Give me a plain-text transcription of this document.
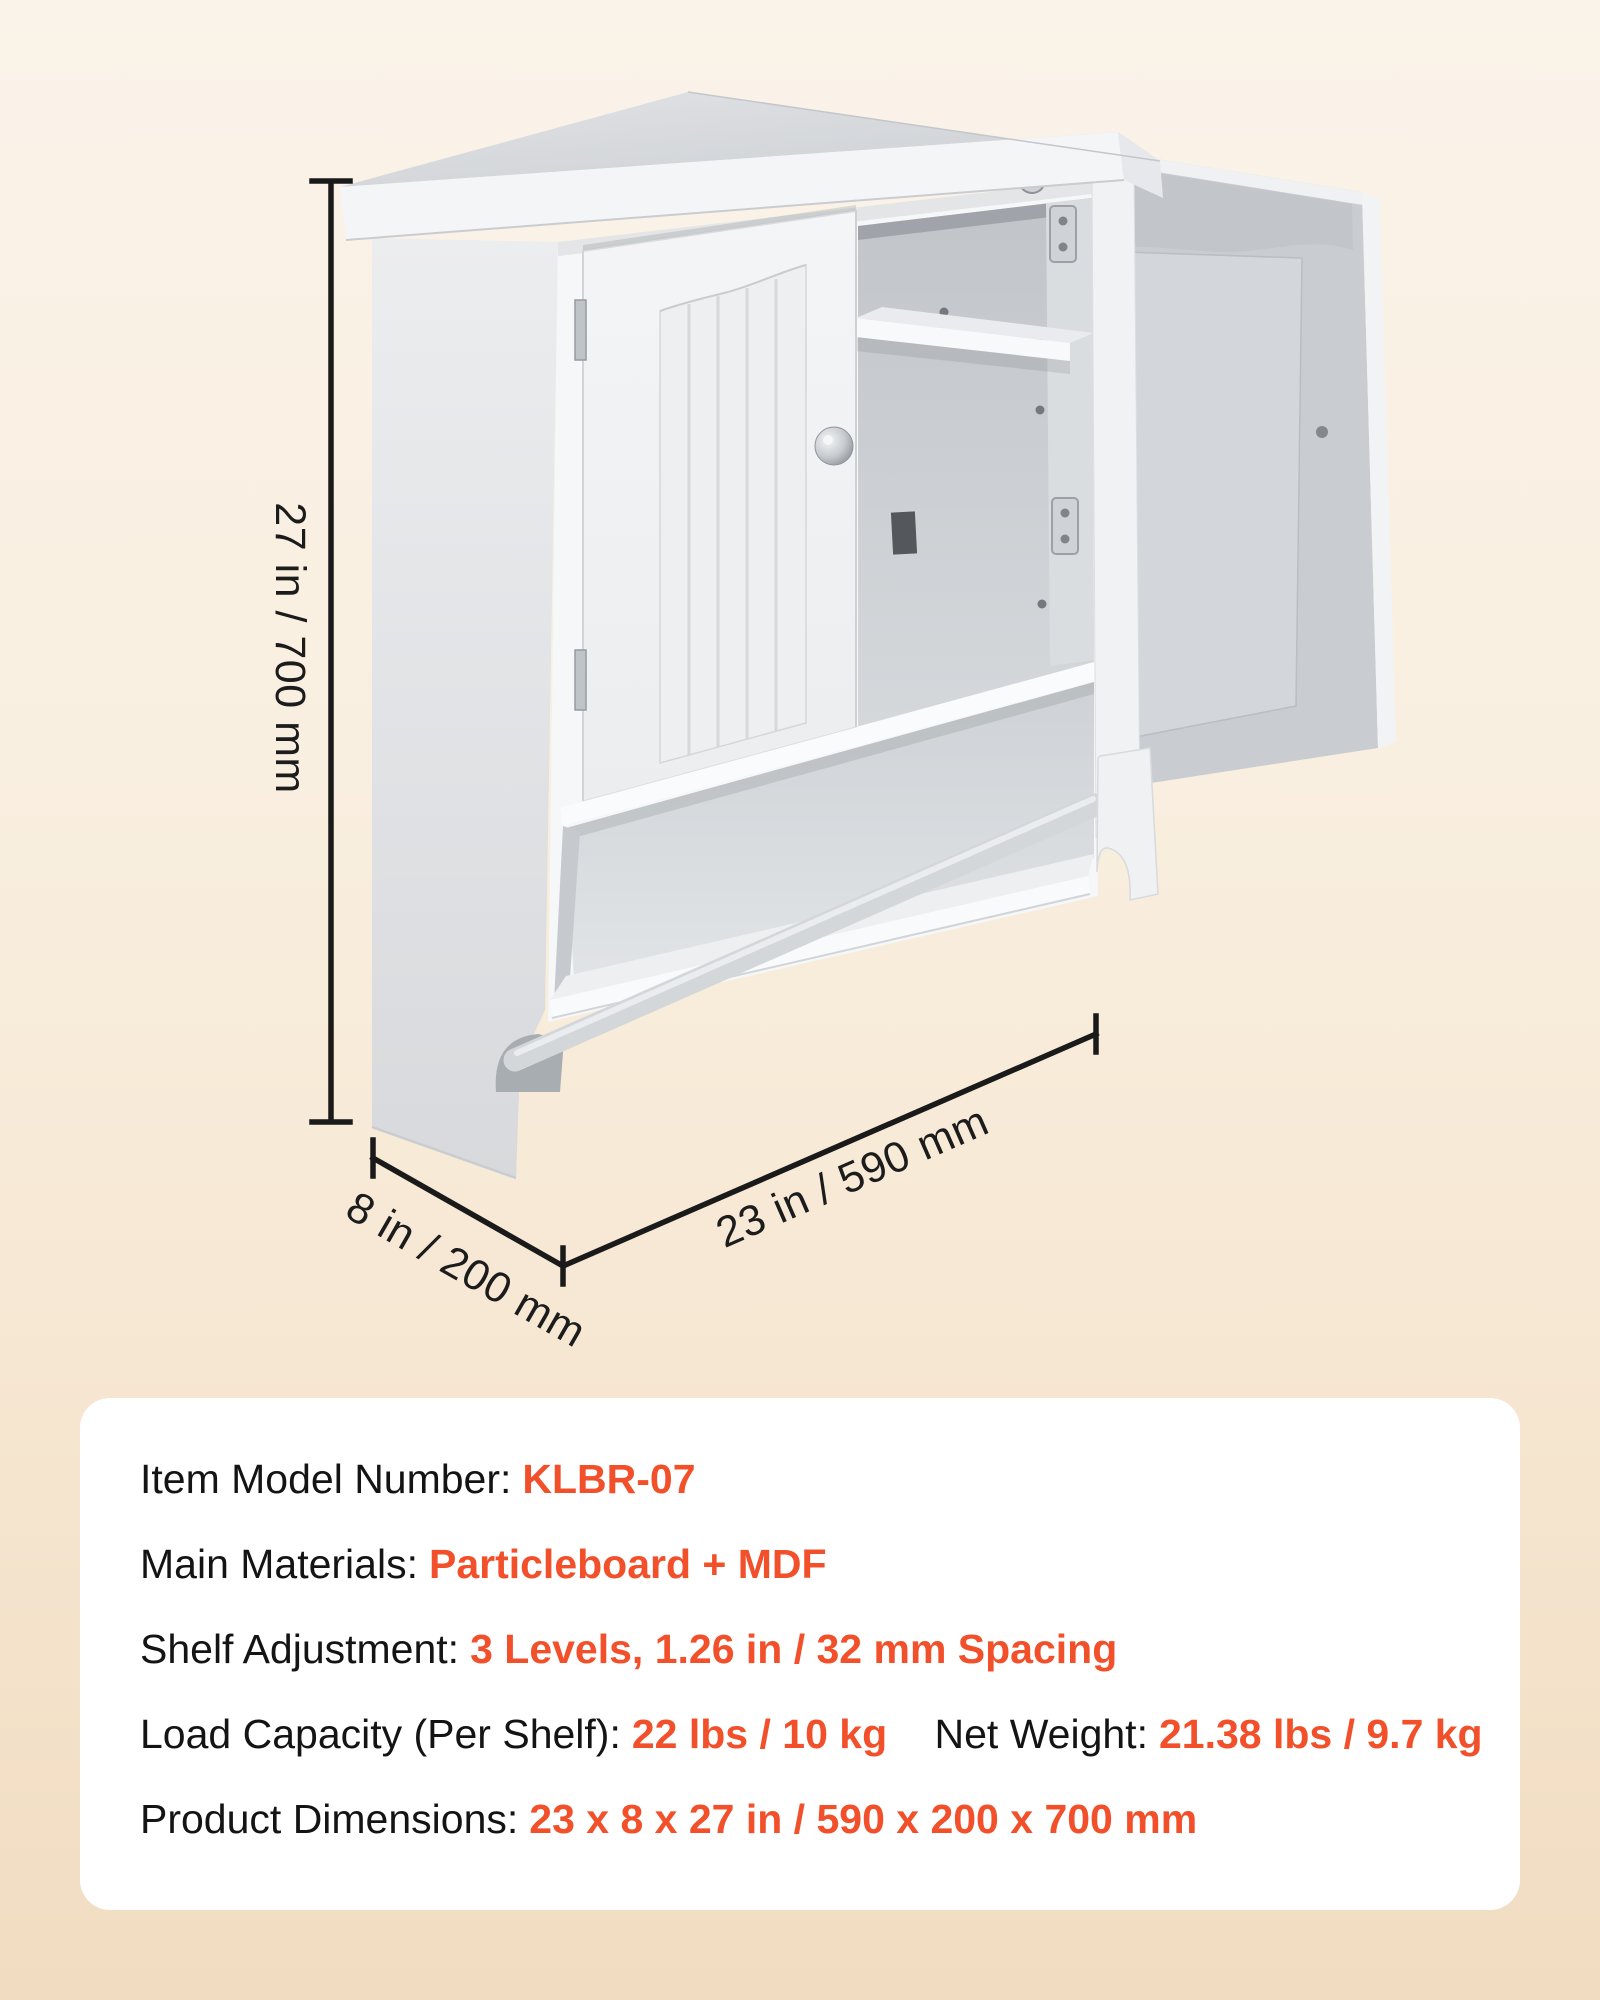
27 in / 700 mm
8 in / 200 mm
23 in / 590 mm
Item Model Number: KLBR-07
Main Materials: Particleboard + MDF
Shelf Adjustment: 3 Levels, 1.26 in / 32 mm Spacing
Load Capacity (Per Shelf): 22 lbs / 10 kg Net Weight: 21.38 lbs / 9.7 kg
Product Dimensions: 23 x 8 x 27 in / 590 x 200 x 700 mm
